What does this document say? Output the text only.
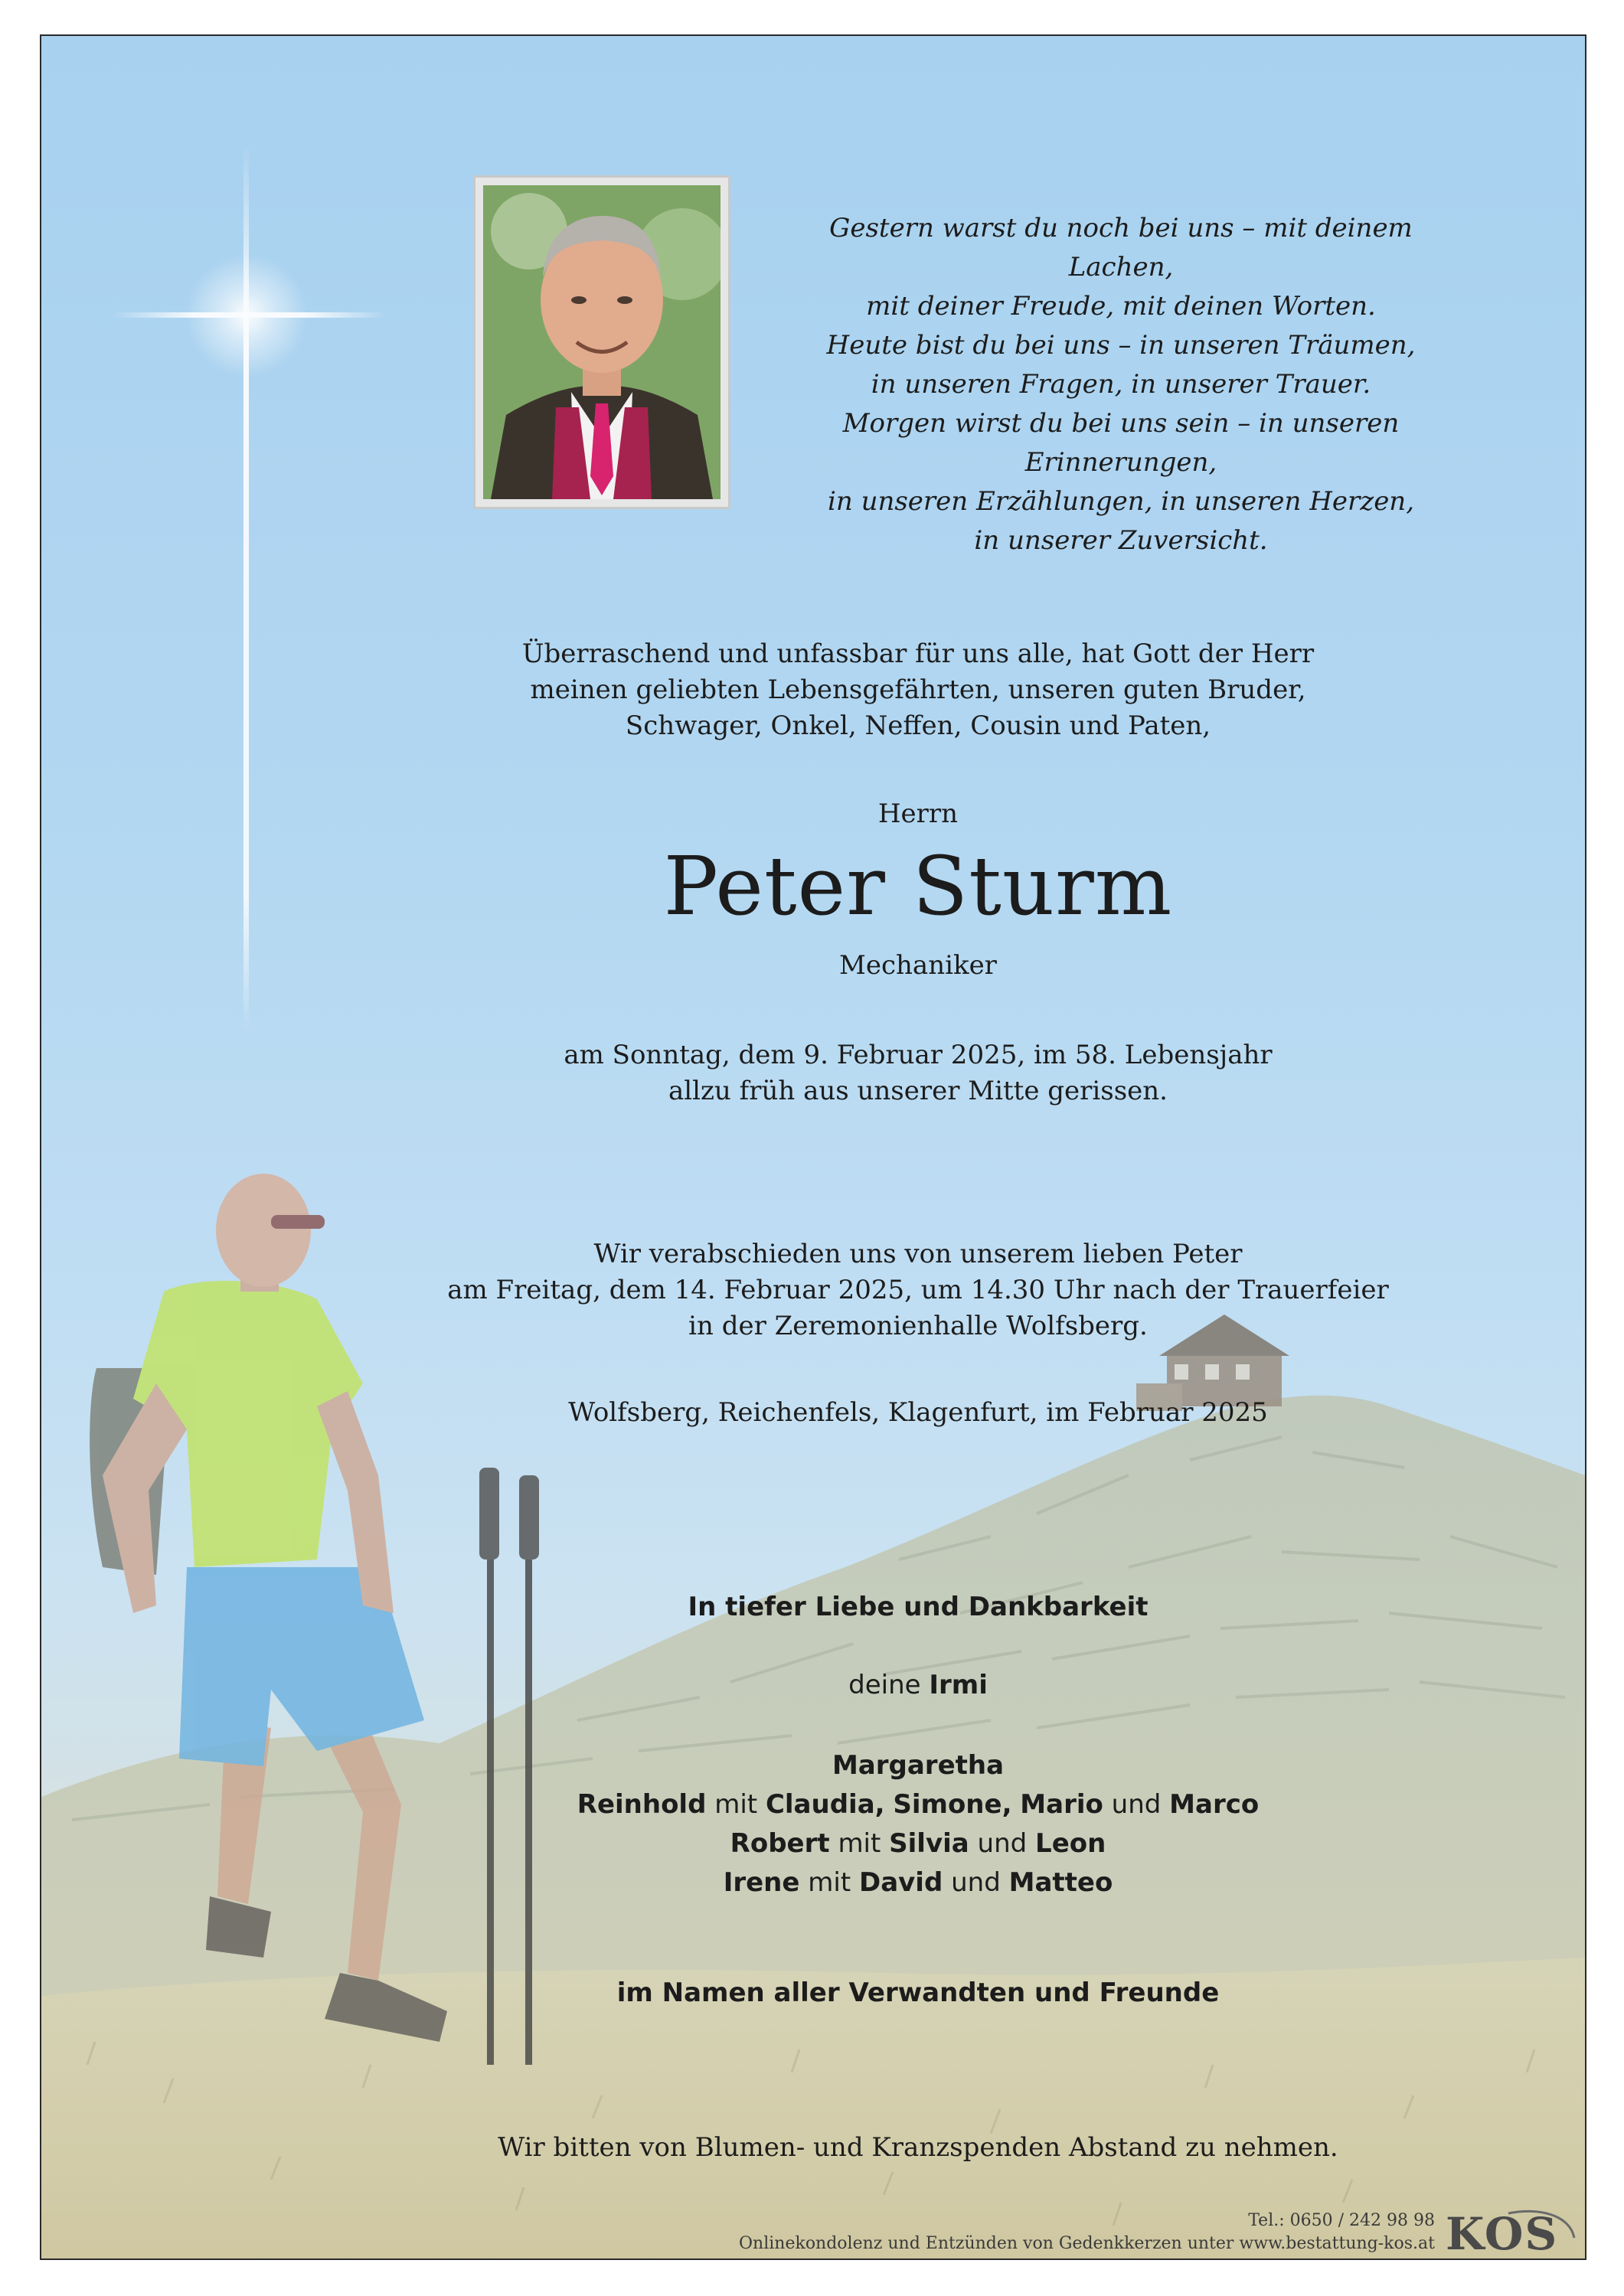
Gestern warst du noch bei uns – mit deinem Lachen,
mit deiner Freude, mit deinen Worten.
Heute bist du bei uns – in unseren Träumen,
in unseren Fragen, in unserer Trauer.
Morgen wirst du bei uns sein – in unseren Erinnerungen,
in unseren Erzählungen, in unseren Herzen,
in unserer Zuversicht.
Überraschend und unfassbar für uns alle, hat Gott der Herr
meinen geliebten Lebensgefährten, unseren guten Bruder,
Schwager, Onkel, Neffen, Cousin und Paten,
Herrn
Peter Sturm
Mechaniker
am Sonntag, dem 9. Februar 2025, im 58. Lebensjahr
allzu früh aus unserer Mitte gerissen.
Wir verabschieden uns von unserem lieben Peter
am Freitag, dem 14. Februar 2025, um 14.30 Uhr nach der Trauerfeier
in der Zeremonienhalle Wolfsberg.
Wolfsberg, Reichenfels, Klagenfurt, im Februar 2025
In tiefer Liebe und Dankbarkeit
deine Irmi
Margaretha
Reinhold mit Claudia, Simone, Mario und Marco
Robert mit Silvia und Leon
Irene mit David und Matteo
im Namen aller Verwandten und Freunde
Wir bitten von Blumen- und Kranzspenden Abstand zu nehmen.
Tel.: 0650 / 242 98 98
Onlinekondolenz und Entzünden von Gedenkkerzen unter www.bestattung-kos.at KOS
